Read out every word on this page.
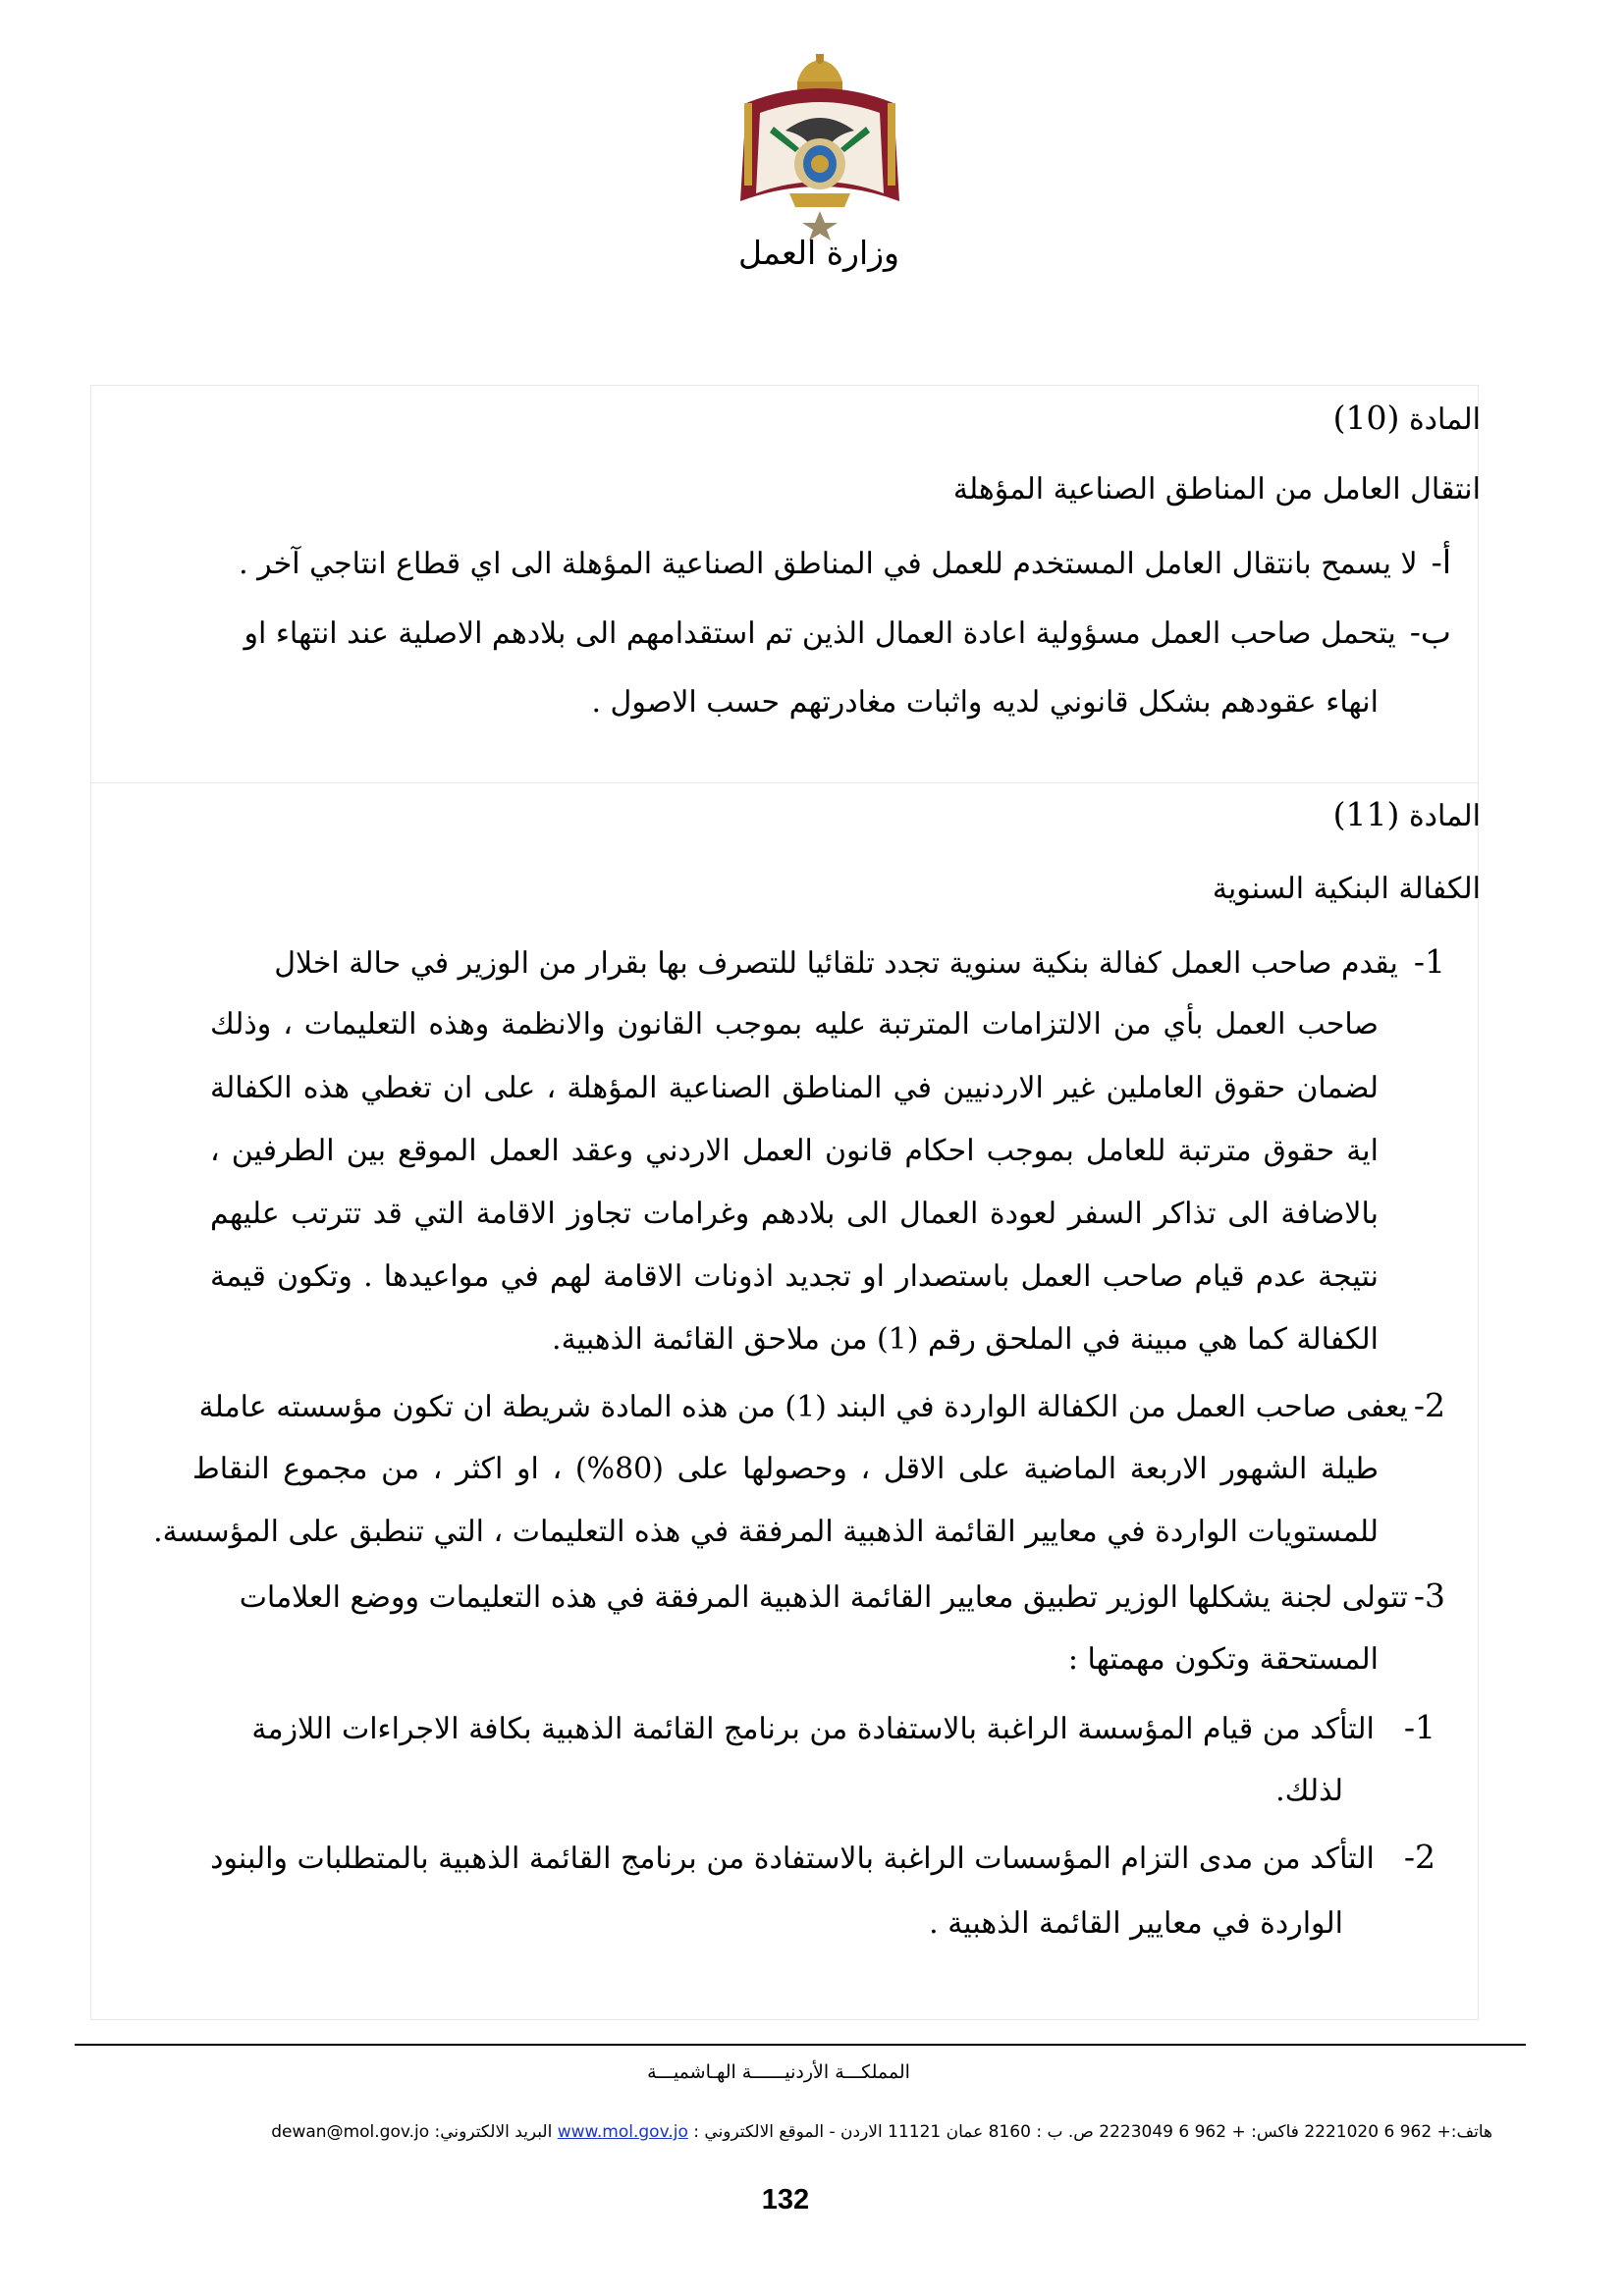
وزارة العمل
المادة (10)
انتقال العامل من المناطق الصناعية المؤهلة
أ-
لا يسمح بانتقال العامل المستخدم للعمل في المناطق الصناعية المؤهلة الى اي قطاع انتاجي آخر .
ب-
يتحمل صاحب العمل مسؤولية اعادة العمال الذين تم استقدامهم الى بلادهم الاصلية عند انتهاء او
انهاء عقودهم بشكل قانوني لديه واثبات مغادرتهم حسب الاصول .
المادة (11)
الكفالة البنكية السنوية
1-
يقدم صاحب العمل كفالة بنكية سنوية تجدد تلقائيا للتصرف بها بقرار من الوزير في حالة اخلال
صاحب العمل بأي من الالتزامات المترتبة عليه بموجب القانون والانظمة وهذه التعليمات ، وذلك
لضمان حقوق العاملين غير الاردنيين في المناطق الصناعية المؤهلة ، على ان تغطي هذه الكفالة
اية حقوق مترتبة للعامل بموجب احكام قانون العمل الاردني وعقد العمل الموقع بين الطرفين ،
بالاضافة الى تذاكر السفر لعودة العمال الى بلادهم وغرامات تجاوز الاقامة التي قد تترتب عليهم
نتيجة عدم قيام صاحب العمل باستصدار او تجديد اذونات الاقامة لهم في مواعيدها . وتكون قيمة
الكفالة كما هي مبينة في الملحق رقم (1) من ملاحق القائمة الذهبية.
2-
يعفى صاحب العمل من الكفالة الواردة في البند (1) من هذه المادة شريطة ان تكون مؤسسته عاملة
طيلة الشهور الاربعة الماضية على الاقل ، وحصولها على (80%) ، او اكثر ، من مجموع النقاط
للمستويات الواردة في معايير القائمة الذهبية المرفقة في هذه التعليمات ، التي تنطبق على المؤسسة.
3-
تتولى لجنة يشكلها الوزير تطبيق معايير القائمة الذهبية المرفقة في هذه التعليمات ووضع العلامات
المستحقة وتكون مهمتها :
1-
التأكد من قيام المؤسسة الراغبة بالاستفادة من برنامج القائمة الذهبية بكافة الاجراءات اللازمة
لذلك.
2-
التأكد من مدى التزام المؤسسات الراغبة بالاستفادة من برنامج القائمة الذهبية بالمتطلبات والبنود
الواردة في معايير القائمة الذهبية .
المملكـــة الأردنيــــــة الهـاشميـــة
هاتف:+ 962 6 2221020 فاكس: + 962 6 2223049 ص. ب : 8160 عمان 11121 الاردن - الموقع الالكتروني : www.mol.gov.jo البريد الالكتروني: dewan@mol.gov.jo
132
